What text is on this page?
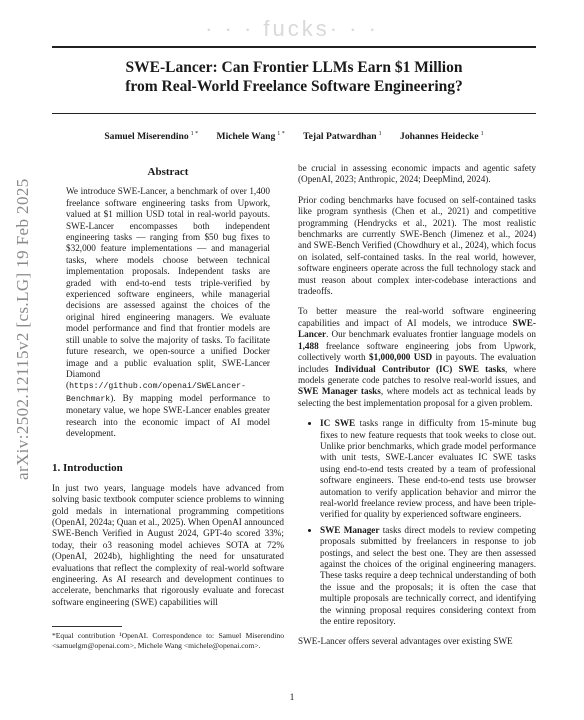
· · · fucks· · ·
SWE-Lancer: Can Frontier LLMs Earn $1 Million
from Real-World Freelance Software Engineering?
Samuel Miserendino $^{1 *}$ Michele Wang $^{1 *}$ Tejal Patwardhan $^1$ Johannes Heidecke $^1$
arXiv:2502.12115v2 [cs.LG] 19 Feb 2025
Abstract
We introduce SWE-Lancer, a benchmark of over 1,400 freelance software engineering tasks from Upwork, valued at $1 million USD total in real-world payouts. SWE-Lancer encompasses both independent engineering tasks — ranging from $50 bug fixes to $32,000 feature implementations — and managerial tasks, where models choose between technical implementation proposals. Independent tasks are graded with end-to-end tests triple-verified by experienced software engineers, while managerial decisions are assessed against the choices of the original hired engineering managers. We evaluate model performance and find that frontier models are still unable to solve the majority of tasks. To facilitate future research, we open-source a unified Docker image and a public evaluation split, SWE-Lancer Diamond (https://github.com/openai/SWELancer-Benchmark). By mapping model performance to monetary value, we hope SWE-Lancer enables greater research into the economic impact of AI model development.
1. Introduction

In just two years, language models have advanced from solving basic textbook computer science problems to winning gold medals in international programming competitions (OpenAI, 2024a; Quan et al., 2025). When OpenAI announced SWE-Bench Verified in August 2024, GPT-4o scored 33%; today, their o3 reasoning model achieves SOTA at 72% (OpenAI, 2024b), highlighting the need for unsaturated evaluations that reflect the complexity of real-world software engineering. As AI research and development continues to accelerate, benchmarks that rigorously evaluate and forecast software engineering (SWE) capabilities will

*Equal contribution ¹OpenAI. Correspondence to: Samuel Miserendino <samuelgm@openai.com>, Michele Wang <michele@openai.com>.

be crucial in assessing economic impacts and agentic safety (OpenAI, 2023; Anthropic, 2024; DeepMind, 2024).

Prior coding benchmarks have focused on self-contained tasks like program synthesis (Chen et al., 2021) and competitive programming (Hendrycks et al., 2021). The most realistic benchmarks are currently SWE-Bench (Jimenez et al., 2024) and SWE-Bench Verified (Chowdhury et al., 2024), which focus on isolated, self-contained tasks. In the real world, however, software engineers operate across the full technology stack and must reason about complex inter-codebase interactions and tradeoffs.

To better measure the real-world software engineering capabilities and impact of AI models, we introduce SWE-Lancer. Our benchmark evaluates frontier language models on 1,488 freelance software engineering jobs from Upwork, collectively worth $1,000,000 USD in payouts. The evaluation includes Individual Contributor (IC) SWE tasks, where models generate code patches to resolve real-world issues, and SWE Manager tasks, where models act as technical leads by selecting the best implementation proposal for a given problem.

• IC SWE tasks range in difficulty from 15-minute bug fixes to new feature requests that took weeks to close out. Unlike prior benchmarks, which grade model performance with unit tests, SWE-Lancer evaluates IC SWE tasks using end-to-end tests created by a team of professional software engineers. These end-to-end tests use browser automation to verify application behavior and mirror the real-world freelance review process, and have been triple-verified for quality by experienced software engineers.
• SWE Manager tasks direct models to review competing proposals submitted by freelancers in response to job postings, and select the best one. They are then assessed against the choices of the original engineering managers. These tasks require a deep technical understanding of both the issue and the proposals; it is often the case that multiple proposals are technically correct, and identifying the winning proposal requires considering context from the entire repository.

SWE-Lancer offers several advantages over existing SWE

1
